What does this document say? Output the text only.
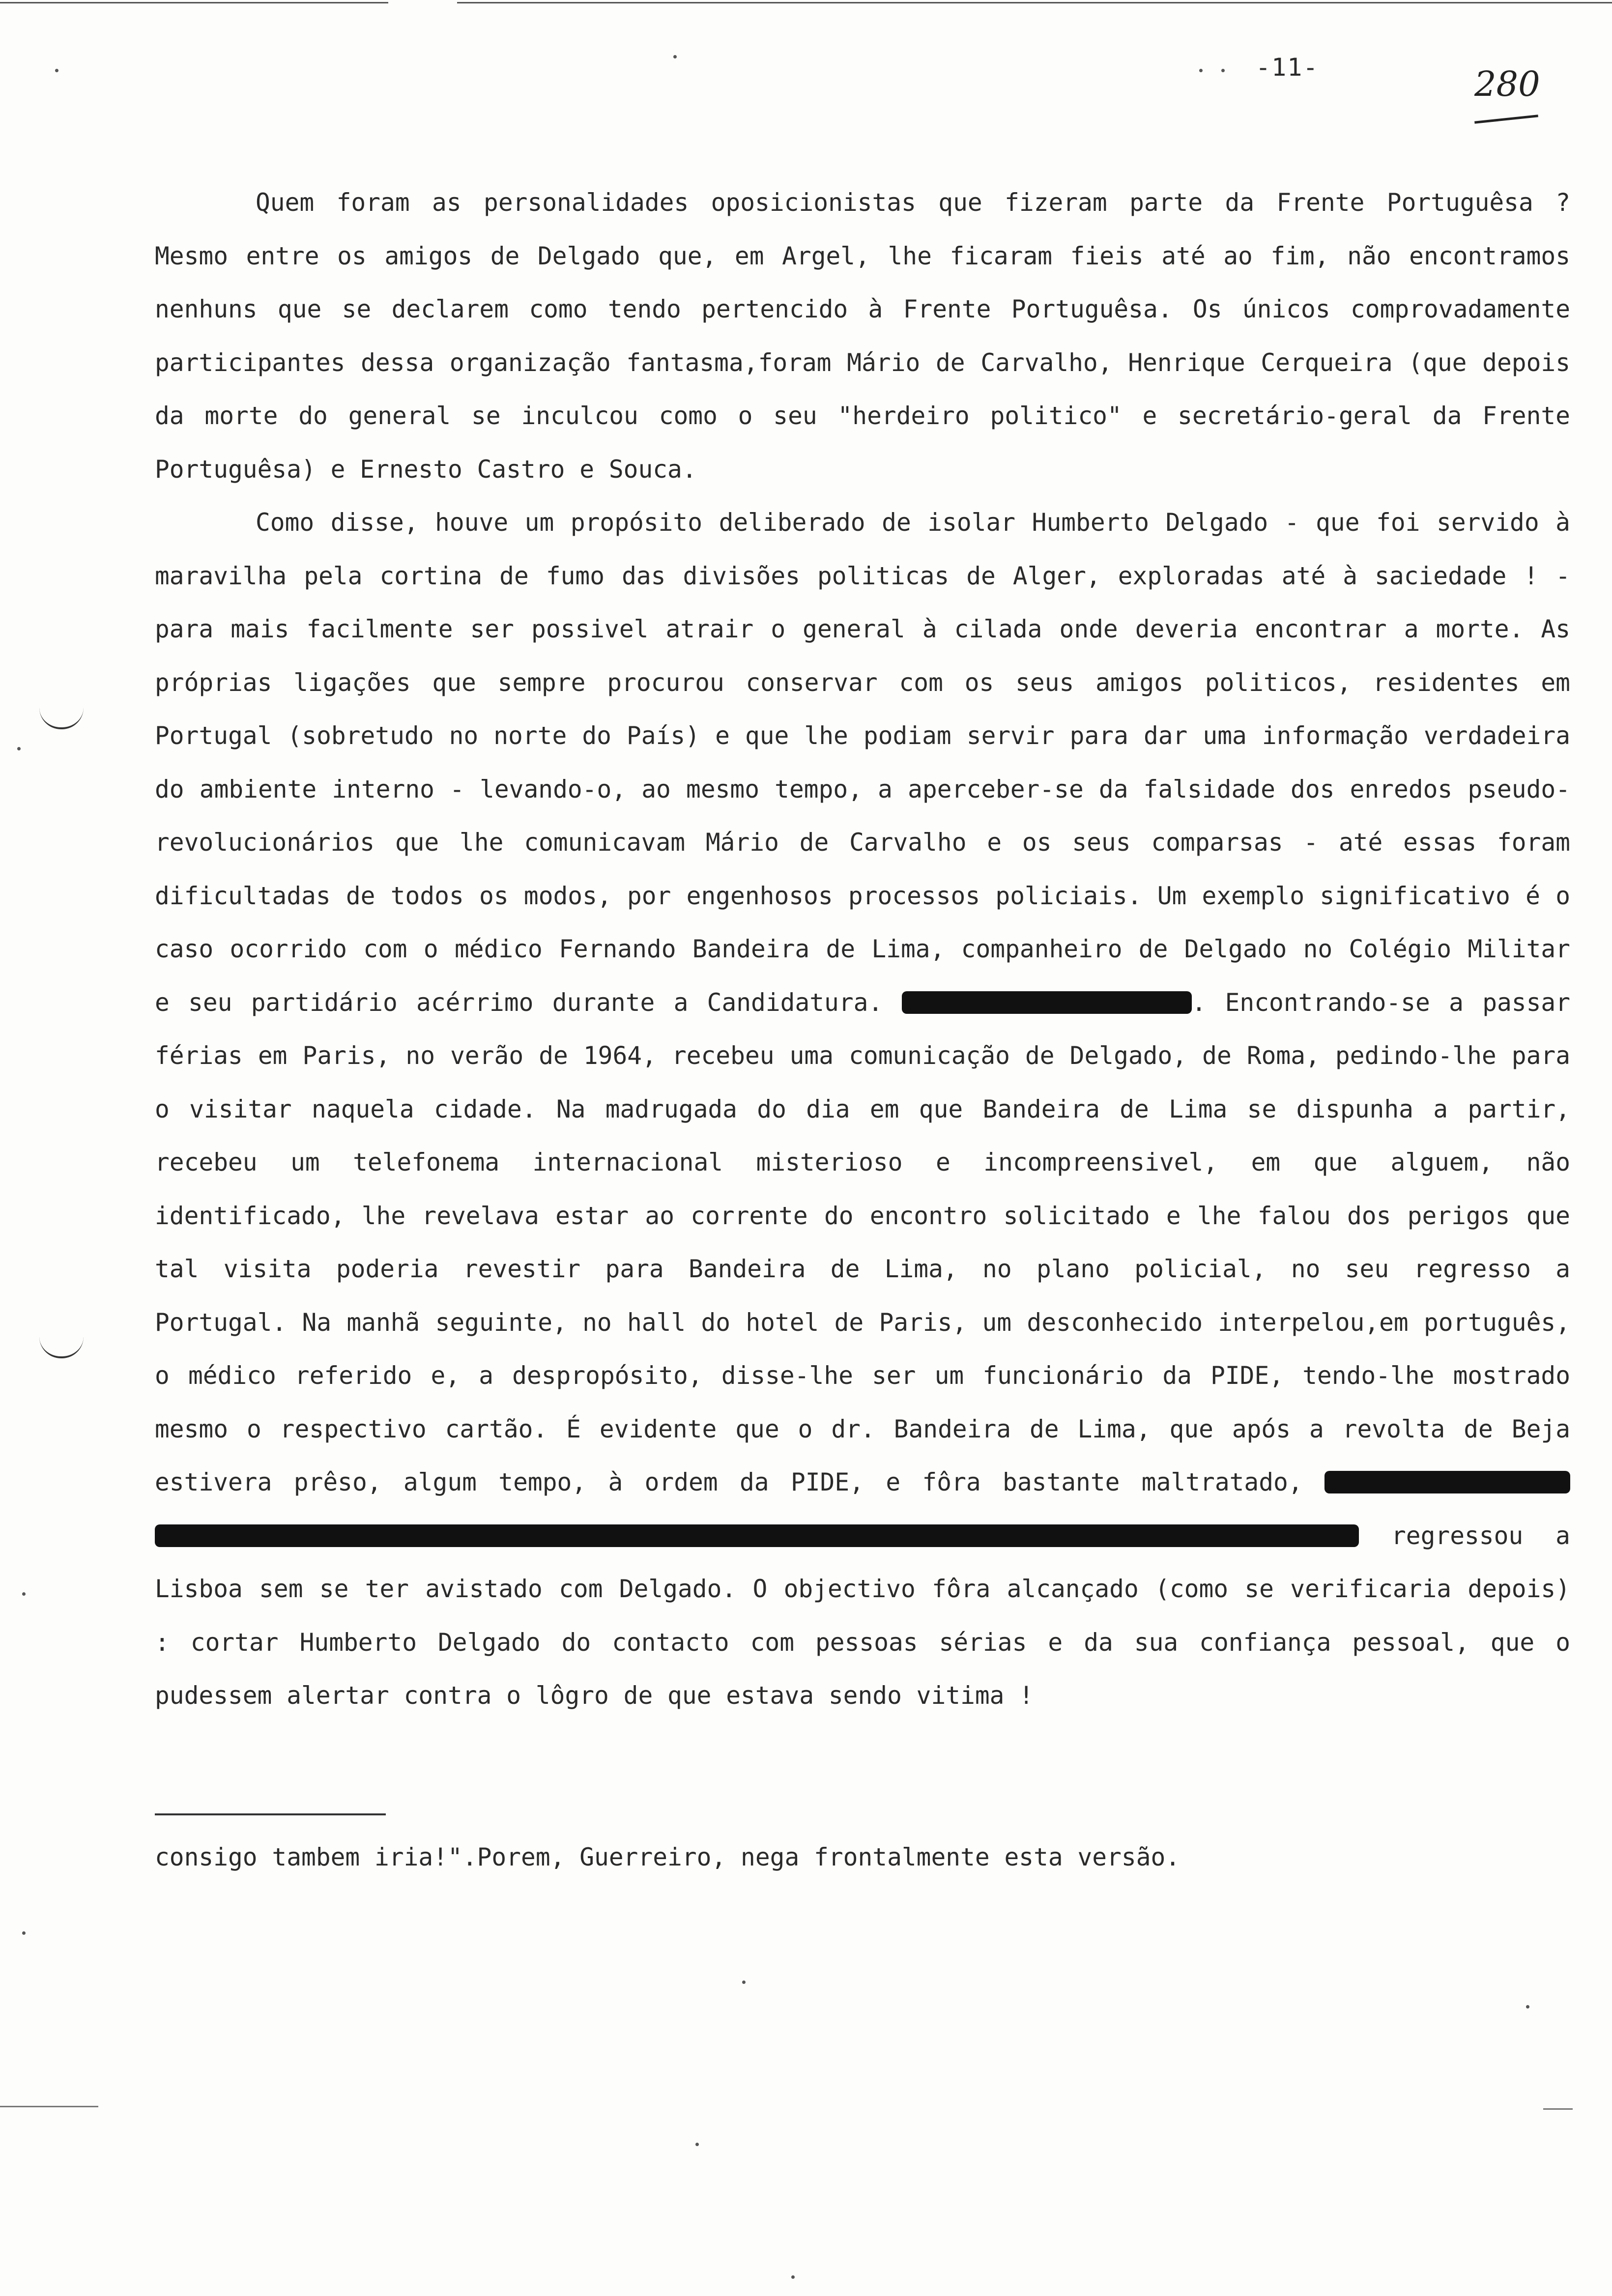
-11-	280

Quem foram as personalidades oposicionistas que fizeram parte da Frente Portuguêsa ? Mesmo entre os amigos de Delgado que, em Argel, lhe ficaram fieis até ao fim, não encontramos nenhuns que se declarem como tendo pertencido à Frente Portuguêsa. Os únicos comprovadamente participantes dessa organização fantasma,foram Mário de Carvalho, Henrique Cerqueira (que depois da morte do general se inculcou como o seu "herdeiro politico" e secretário-geral da Frente Portuguêsa) e Ernesto Castro e Souca.

Como disse, houve um propósito deliberado de isolar Humberto Delgado - que foi servido à maravilha pela cortina de fumo das divisões politicas de Alger, exploradas até à saciedade ! - para mais facilmente ser possivel atrair o general à cilada onde deveria encontrar a morte. As próprias ligações que sempre procurou conservar com os seus amigos politicos, residentes em Portugal (sobretudo no norte do País) e que lhe podiam servir para dar uma informação verdadeira do ambiente interno - levando-o, ao mesmo tempo, a aperceber-se da falsidade dos enredos pseudo-revolucionários que lhe comunicavam Mário de Carvalho e os seus comparsas - até essas foram dificultadas de todos os modos, por engenhosos processos policiais. Um exemplo significativo é o caso ocorrido com o médico Fernando Bandeira de Lima, companheiro de Delgado no Colégio Militar e seu partidário acérrimo durante a Candidatura.	. Encontrando-se a passar férias em Paris, no verão de 1964, recebeu uma comunicação de Delgado, de Roma, pedindo-lhe para o visitar naquela cidade. Na madrugada do dia em que Bandeira de Lima se dispunha a partir, recebeu um telefonema internacional misterioso e incompreensivel, em que alguem, não identificado, lhe revelava estar ao corrente do encontro solicitado e lhe falou dos perigos que tal visita poderia revestir para Bandeira de Lima, no plano policial, no seu regresso a Portugal. Na manhã seguinte, no hall do hotel de Paris, um desconhecido interpelou,em português, o médico referido e, a despropósito, disse-lhe ser um funcionário da PIDE, tendo-lhe mostrado mesmo o respectivo cartão. É evidente que o dr. Bandeira de Lima, que após a revolta de Beja estivera prêso, algum tempo, à ordem da PIDE, e fôra bastante maltratado,   regressou a Lisboa sem se ter avistado com Delgado. O objectivo fôra alcançado (como se verificaria depois) : cortar Humberto Delgado do contacto com pessoas sérias e da sua confiança pessoal, que o pudessem alertar contra o lôgro de que estava sendo vitima !

consigo tambem iria!".Porem, Guerreiro, nega frontalmente esta versão.
